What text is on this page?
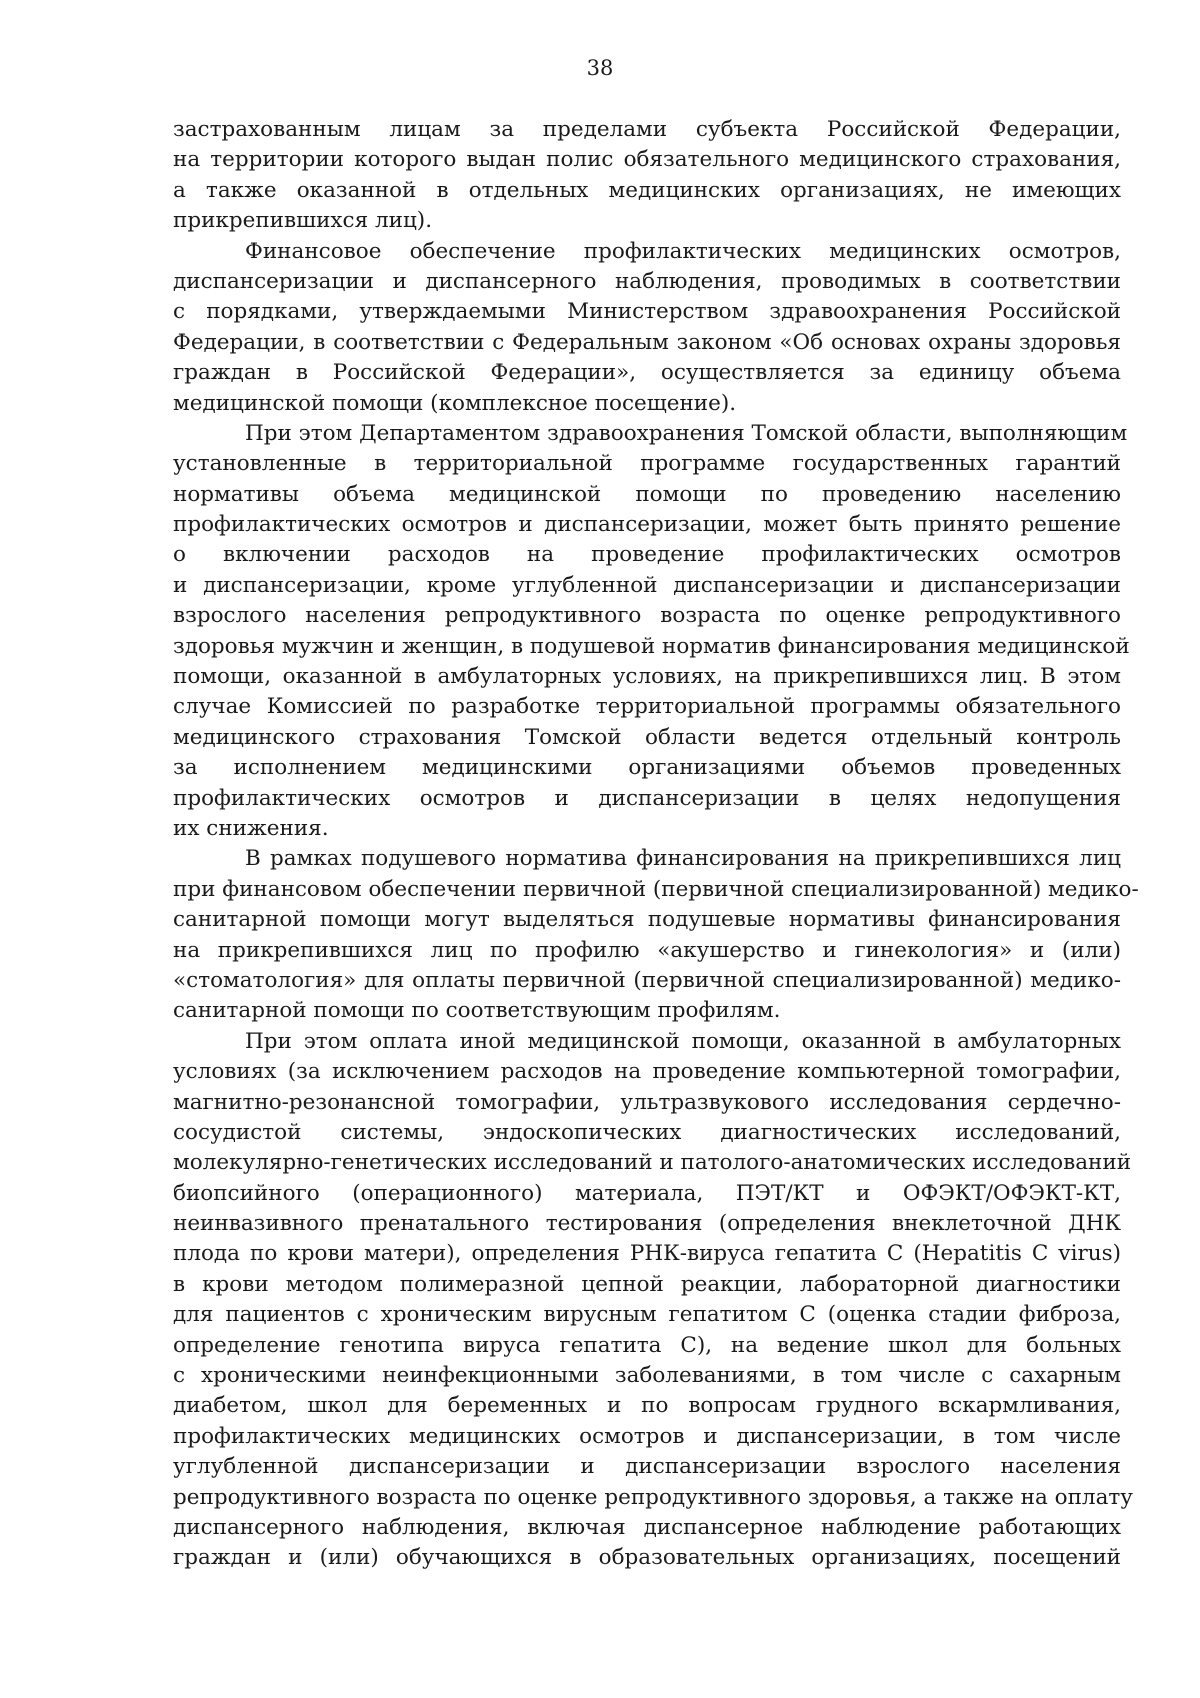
38
застрахованным лицам за пределами субъекта Российской Федерации,
на территории которого выдан полис обязательного медицинского страхования,
а также оказанной в отдельных медицинских организациях, не имеющих
прикрепившихся лиц).
Финансовое обеспечение профилактических медицинских осмотров,
диспансеризации и диспансерного наблюдения, проводимых в соответствии
с порядками, утверждаемыми Министерством здравоохранения Российской
Федерации, в соответствии с Федеральным законом «Об основах охраны здоровья
граждан в Российской Федерации», осуществляется за единицу объема
медицинской помощи (комплексное посещение).
При этом Департаментом здравоохранения Томской области, выполняющим
установленные в территориальной программе государственных гарантий
нормативы объема медицинской помощи по проведению населению
профилактических осмотров и диспансеризации, может быть принято решение
о включении расходов на проведение профилактических осмотров
и диспансеризации, кроме углубленной диспансеризации и диспансеризации
взрослого населения репродуктивного возраста по оценке репродуктивного
здоровья мужчин и женщин, в подушевой норматив финансирования медицинской
помощи, оказанной в амбулаторных условиях, на прикрепившихся лиц. В этом
случае Комиссией по разработке территориальной программы обязательного
медицинского страхования Томской области ведется отдельный контроль
за исполнением медицинскими организациями объемов проведенных
профилактических осмотров и диспансеризации в целях недопущения
их снижения.
В рамках подушевого норматива финансирования на прикрепившихся лиц
при финансовом обеспечении первичной (первичной специализированной) медико-
санитарной помощи могут выделяться подушевые нормативы финансирования
на прикрепившихся лиц по профилю «акушерство и гинекология» и (или)
«стоматология» для оплаты первичной (первичной специализированной) медико-
санитарной помощи по соответствующим профилям.
При этом оплата иной медицинской помощи, оказанной в амбулаторных
условиях (за исключением расходов на проведение компьютерной томографии,
магнитно-резонансной томографии, ультразвукового исследования сердечно-
сосудистой системы, эндоскопических диагностических исследований,
молекулярно-генетических исследований и патолого-анатомических исследований
биопсийного (операционного) материала, ПЭТ/КТ и ОФЭКТ/ОФЭКТ-КТ,
неинвазивного пренатального тестирования (определения внеклеточной ДНК
плода по крови матери), определения РНК-вируса гепатита С (Hepatitis C virus)
в крови методом полимеразной цепной реакции, лабораторной диагностики
для пациентов с хроническим вирусным гепатитом С (оценка стадии фиброза,
определение генотипа вируса гепатита С), на ведение школ для больных
с хроническими неинфекционными заболеваниями, в том числе с сахарным
диабетом, школ для беременных и по вопросам грудного вскармливания,
профилактических медицинских осмотров и диспансеризации, в том числе
углубленной диспансеризации и диспансеризации взрослого населения
репродуктивного возраста по оценке репродуктивного здоровья, а также на оплату
диспансерного наблюдения, включая диспансерное наблюдение работающих
граждан и (или) обучающихся в образовательных организациях, посещений
